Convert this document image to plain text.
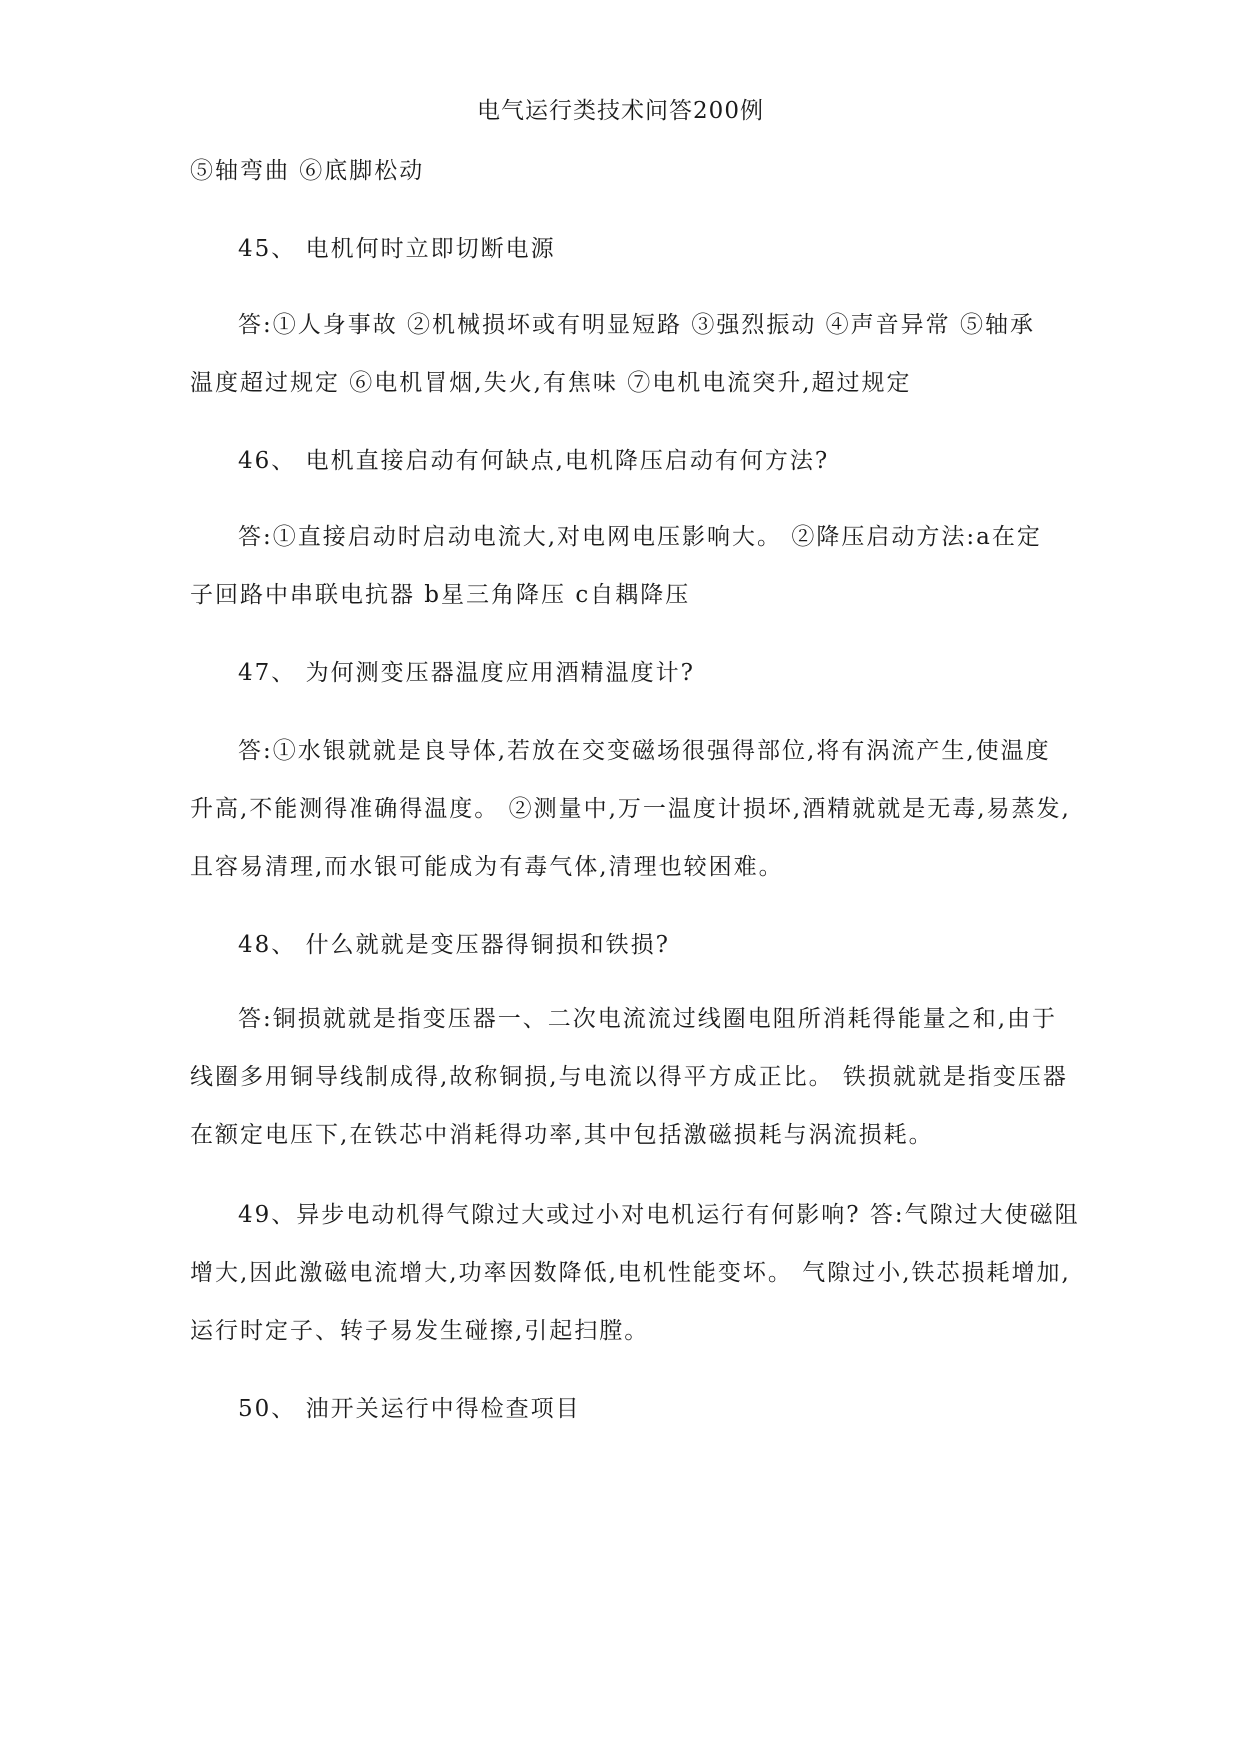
电气运行类技术问答200例
⑤轴弯曲 ⑥底脚松动
45、 电机何时立即切断电源
答:①人身事故 ②机械损坏或有明显短路 ③强烈振动 ④声音异常 ⑤轴承
温度超过规定 ⑥电机冒烟,失火,有焦味 ⑦电机电流突升,超过规定
46、 电机直接启动有何缺点,电机降压启动有何方法?
答:①直接启动时启动电流大,对电网电压影响大。 ②降压启动方法:a在定
子回路中串联电抗器 b星三角降压 c自耦降压
47、 为何测变压器温度应用酒精温度计?
答:①水银就就是良导体,若放在交变磁场很强得部位,将有涡流产生,使温度
升高,不能测得准确得温度。 ②测量中,万一温度计损坏,酒精就就是无毒,易蒸发,
且容易清理,而水银可能成为有毒气体,清理也较困难。
48、 什么就就是变压器得铜损和铁损?
答:铜损就就是指变压器一、二次电流流过线圈电阻所消耗得能量之和,由于
线圈多用铜导线制成得,故称铜损,与电流以得平方成正比。 铁损就就是指变压器
在额定电压下,在铁芯中消耗得功率,其中包括激磁损耗与涡流损耗。
49、异步电动机得气隙过大或过小对电机运行有何影响? 答:气隙过大使磁阻
增大,因此激磁电流增大,功率因数降低,电机性能变坏。 气隙过小,铁芯损耗增加,
运行时定子、转子易发生碰擦,引起扫膛。
50、 油开关运行中得检查项目
